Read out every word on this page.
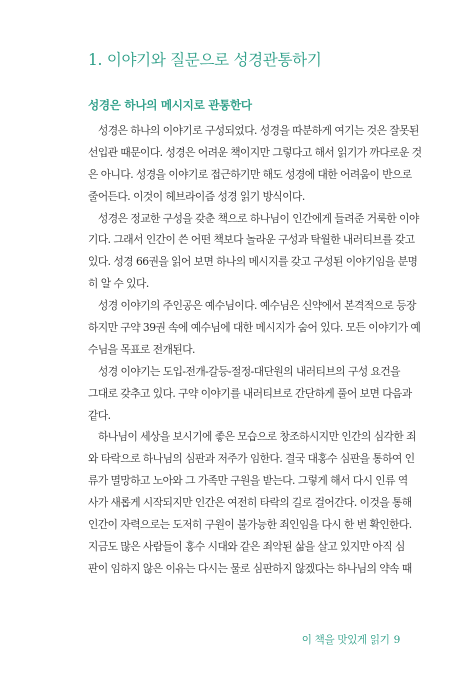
1. 이야기와 질문으로 성경관통하기
성경은 하나의 메시지로 관통한다
성경은 하나의 이야기로 구성되었다. 성경을 따분하게 여기는 것은 잘못된
선입관 때문이다. 성경은 어려운 책이지만 그렇다고 해서 읽기가 까다로운 것
은 아니다. 성경을 이야기로 접근하기만 해도 성경에 대한 어려움이 반으로
줄어든다. 이것이 헤브라이즘 성경 읽기 방식이다.
성경은 정교한 구성을 갖춘 책으로 하나님이 인간에게 들려준 거룩한 이야
기다. 그래서 인간이 쓴 어떤 책보다 놀라운 구성과 탁월한 내러티브를 갖고
있다. 성경 66권을 읽어 보면 하나의 메시지를 갖고 구성된 이야기임을 분명
히 알 수 있다.
성경 이야기의 주인공은 예수님이다. 예수님은 신약에서 본격적으로 등장
하지만 구약 39권 속에 예수님에 대한 메시지가 숨어 있다. 모든 이야기가 예
수님을 목표로 전개된다.
성경 이야기는 도입-전개-갈등-절정-대단원의 내러티브의 구성 요건을
그대로 갖추고 있다. 구약 이야기를 내러티브로 간단하게 풀어 보면 다음과
같다.
하나님이 세상을 보시기에 좋은 모습으로 창조하시지만 인간의 심각한 죄
와 타락으로 하나님의 심판과 저주가 임한다. 결국 대홍수 심판을 통하여 인
류가 멸망하고 노아와 그 가족만 구원을 받는다. 그렇게 해서 다시 인류 역
사가 새롭게 시작되지만 인간은 여전히 타락의 길로 걸어간다. 이것을 통해
인간이 자력으로는 도저히 구원이 불가능한 죄인임을 다시 한 번 확인한다.
지금도 많은 사람들이 홍수 시대와 같은 죄악된 삶을 살고 있지만 아직 심
판이 임하지 않은 이유는 다시는 물로 심판하지 않겠다는 하나님의 약속 때
이 책을 맛있게 읽기 9
